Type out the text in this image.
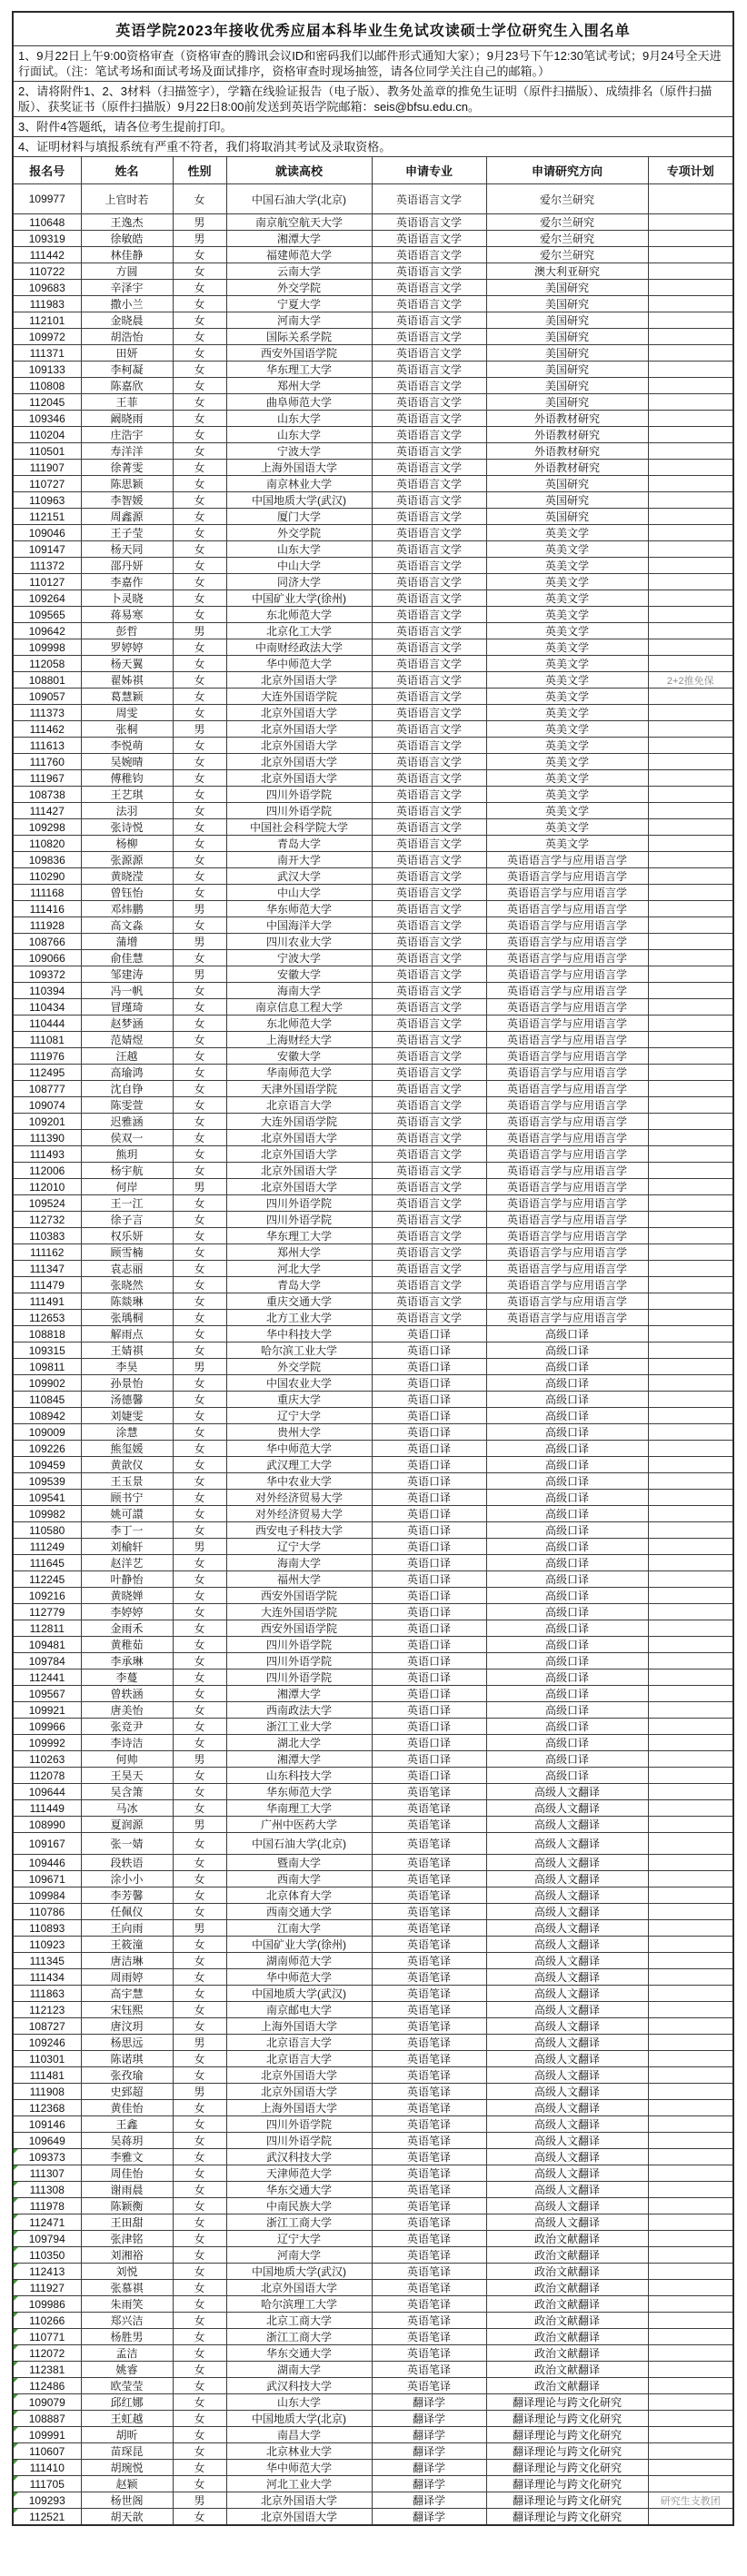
英语学院2023年接收优秀应届本科毕业生免试攻读硕士学位研究生入围名单						
1、9月22日上午9:00资格审查（资格审查的腾讯会议ID和密码我们以邮件形式通知大家）；9月23号下午12:30笔试考试；9月24号全天进行面试。（注：笔试考场和面试考场及面试排序，资格审查时现场抽签，请各位同学关注自己的邮箱。）						
2、请将附件1、2、3材料（扫描签字），学籍在线验证报告（电子版）、教务处盖章的推免生证明（原件扫描版）、成绩排名（原件扫描版）、获奖证书（原件扫描版）9月22日8:00前发送到英语学院邮箱：seis@bfsu.edu.cn。						
3、附件4答题纸，请各位考生提前打印。						
4、证明材料与填报系统有严重不符者，我们将取消其考试及录取资格。						
报名号	姓名	性别	就读高校	申请专业	申请研究方向	专项计划
109977	上官时若	女	中国石油大学(北京)	英语语言文学	爱尔兰研究	
110648	王逸杰	男	南京航空航天大学	英语语言文学	爱尔兰研究	
109319	徐敏皓	男	湘潭大学	英语语言文学	爱尔兰研究	
111442	林佳静	女	福建师范大学	英语语言文学	爱尔兰研究	
110722	方圆	女	云南大学	英语语言文学	澳大利亚研究	
109683	辛泽宇	女	外交学院	英语语言文学	美国研究	
111983	撒小兰	女	宁夏大学	英语语言文学	美国研究	
112101	金晓晨	女	河南大学	英语语言文学	美国研究	
109972	胡浩怡	女	国际关系学院	英语语言文学	美国研究	
111371	田妍	女	西安外国语学院	英语语言文学	美国研究	
109133	李柯凝	女	华东理工大学	英语语言文学	美国研究	
110808	陈嘉欣	女	郑州大学	英语语言文学	美国研究	
112045	王菲	女	曲阜师范大学	英语语言文学	美国研究	
109346	阚晓雨	女	山东大学	英语语言文学	外语教材研究	
110204	庄浩宇	女	山东大学	英语语言文学	外语教材研究	
110501	寿洋洋	女	宁波大学	英语语言文学	外语教材研究	
111907	徐菁雯	女	上海外国语大学	英语语言文学	外语教材研究	
110727	陈思颖	女	南京林业大学	英语语言文学	英国研究	
110963	李智媛	女	中国地质大学(武汉)	英语语言文学	英国研究	
112151	周鑫源	女	厦门大学	英语语言文学	英国研究	
109046	王子莹	女	外交学院	英语语言文学	英美文学	
109147	杨天同	女	山东大学	英语语言文学	英美文学	
111372	邵丹妍	女	中山大学	英语语言文学	英美文学	
110127	李嘉作	女	同济大学	英语语言文学	英美文学	
109264	卜灵晓	女	中国矿业大学(徐州)	英语语言文学	英美文学	
109565	蒋易寒	女	东北师范大学	英语语言文学	英美文学	
109642	彭哲	男	北京化工大学	英语语言文学	英美文学	
109998	罗婷婷	女	中南财经政法大学	英语语言文学	英美文学	
112058	杨天翼	女	华中师范大学	英语语言文学	英美文学	
108801	翟姊祺	女	北京外国语大学	英语语言文学	英美文学	2+2推免保
109057	葛慧颖	女	大连外国语学院	英语语言文学	英美文学	
111373	周雯	女	北京外国语大学	英语语言文学	英美文学	
111462	张桐	男	北京外国语大学	英语语言文学	英美文学	
111613	李悦萌	女	北京外国语大学	英语语言文学	英美文学	
111760	吴婉晴	女	北京外国语大学	英语语言文学	英美文学	
111967	傅稚钧	女	北京外国语大学	英语语言文学	英美文学	
108738	王艺琪	女	四川外语学院	英语语言文学	英美文学	
111427	法羽	女	四川外语学院	英语语言文学	英美文学	
109298	张诗悦	女	中国社会科学院大学	英语语言文学	英美文学	
110820	杨柳	女	青岛大学	英语语言文学	英美文学	
109836	张源源	女	南开大学	英语语言文学	英语语言学与应用语言学	
110290	黄晓滢	女	武汉大学	英语语言文学	英语语言学与应用语言学	
111168	曾钰怡	女	中山大学	英语语言文学	英语语言学与应用语言学	
111416	邓炜鹏	男	华东师范大学	英语语言文学	英语语言学与应用语言学	
111928	高文淼	女	中国海洋大学	英语语言文学	英语语言学与应用语言学	
108766	蒲增	男	四川农业大学	英语语言文学	英语语言学与应用语言学	
109066	俞佳慧	女	宁波大学	英语语言文学	英语语言学与应用语言学	
109372	邹建涛	男	安徽大学	英语语言文学	英语语言学与应用语言学	
110394	冯一帆	女	海南大学	英语语言文学	英语语言学与应用语言学	
110434	冒瑾琦	女	南京信息工程大学	英语语言文学	英语语言学与应用语言学	
110444	赵梦涵	女	东北师范大学	英语语言文学	英语语言学与应用语言学	
111081	范婧煜	女	上海财经大学	英语语言文学	英语语言学与应用语言学	
111976	汪越	女	安徽大学	英语语言文学	英语语言学与应用语言学	
112495	高瑜鸿	女	华南师范大学	英语语言文学	英语语言学与应用语言学	
108777	沈自铮	女	天津外国语学院	英语语言文学	英语语言学与应用语言学	
109074	陈雯萱	女	北京语言大学	英语语言文学	英语语言学与应用语言学	
109201	迟雅涵	女	大连外国语学院	英语语言文学	英语语言学与应用语言学	
111390	侯双一	女	北京外国语大学	英语语言文学	英语语言学与应用语言学	
111493	熊玥	女	北京外国语大学	英语语言文学	英语语言学与应用语言学	
112006	杨宇航	女	北京外国语大学	英语语言文学	英语语言学与应用语言学	
112010	何岸	男	北京外国语大学	英语语言文学	英语语言学与应用语言学	
109524	王一江	女	四川外语学院	英语语言文学	英语语言学与应用语言学	
112732	徐子言	女	四川外语学院	英语语言文学	英语语言学与应用语言学	
110383	权乐妍	女	华东理工大学	英语语言文学	英语语言学与应用语言学	
111162	顾雪楠	女	郑州大学	英语语言文学	英语语言学与应用语言学	
111347	袁志丽	女	河北大学	英语语言文学	英语语言学与应用语言学	
111479	张晓然	女	青岛大学	英语语言文学	英语语言学与应用语言学	
111491	陈燚琳	女	重庆交通大学	英语语言文学	英语语言学与应用语言学	
112653	张瑀桐	女	北方工业大学	英语语言文学	英语语言学与应用语言学	
108818	解雨点	女	华中科技大学	英语口译	高级口译	
109315	王婧祺	女	哈尔滨工业大学	英语口译	高级口译	
109811	李昊	男	外交学院	英语口译	高级口译	
109902	孙景怡	女	中国农业大学	英语口译	高级口译	
110845	汤德馨	女	重庆大学	英语口译	高级口译	
108942	刘婕雯	女	辽宁大学	英语口译	高级口译	
109009	涂慧	女	贵州大学	英语口译	高级口译	
109226	熊玺媛	女	华中师范大学	英语口译	高级口译	
109459	黄歆仪	女	武汉理工大学	英语口译	高级口译	
109539	王玉景	女	华中农业大学	英语口译	高级口译	
109541	顾书宁	女	对外经济贸易大学	英语口译	高级口译	
109982	姚可譞	女	对外经济贸易大学	英语口译	高级口译	
110580	李丁一	女	西安电子科技大学	英语口译	高级口译	
111249	刘榆轩	男	辽宁大学	英语口译	高级口译	
111645	赵洋艺	女	海南大学	英语口译	高级口译	
112245	叶静怡	女	福州大学	英语口译	高级口译	
109216	黄晓婵	女	西安外国语学院	英语口译	高级口译	
112779	李婷婷	女	大连外国语学院	英语口译	高级口译	
112811	金雨禾	女	西安外国语学院	英语口译	高级口译	
109481	黄稚茹	女	四川外语学院	英语口译	高级口译	
109784	李承琳	女	四川外语学院	英语口译	高级口译	
112441	李蔓	女	四川外语学院	英语口译	高级口译	
109567	曾轶涵	女	湘潭大学	英语口译	高级口译	
109921	唐美怡	女	西南政法大学	英语口译	高级口译	
109966	张竞尹	女	浙江工业大学	英语口译	高级口译	
109992	李诗洁	女	湖北大学	英语口译	高级口译	
110263	何帅	男	湘潭大学	英语口译	高级口译	
112078	王昊天	女	山东科技大学	英语口译	高级口译	
109644	吴含箫	女	华东师范大学	英语笔译	高级人文翻译	
111449	马冰	女	华南理工大学	英语笔译	高级人文翻译	
108990	夏润源	男	广州中医药大学	英语笔译	高级人文翻译	
109167	张一婧	女	中国石油大学(北京)	英语笔译	高级人文翻译	
109446	段轶语	女	暨南大学	英语笔译	高级人文翻译	
109671	涂小小	女	西南大学	英语笔译	高级人文翻译	
109984	李芳馨	女	北京体育大学	英语笔译	高级人文翻译	
110786	任佩仪	女	西南交通大学	英语笔译	高级人文翻译	
110893	王向雨	男	江南大学	英语笔译	高级人文翻译	
110923	王筱潼	女	中国矿业大学(徐州)	英语笔译	高级人文翻译	
111345	唐洁琳	女	湖南师范大学	英语笔译	高级人文翻译	
111434	周雨婷	女	华中师范大学	英语笔译	高级人文翻译	
111863	高宇慧	女	中国地质大学(武汉)	英语笔译	高级人文翻译	
112123	宋钰熙	女	南京邮电大学	英语笔译	高级人文翻译	
108727	唐汶玥	女	上海外国语大学	英语笔译	高级人文翻译	
109246	杨思远	男	北京语言大学	英语笔译	高级人文翻译	
110301	陈诺琪	女	北京语言大学	英语笔译	高级人文翻译	
111481	张孜瑜	女	北京外国语大学	英语笔译	高级人文翻译	
111908	史郅超	男	北京外国语大学	英语笔译	高级人文翻译	
112368	黄佳怡	女	上海外国语大学	英语笔译	高级人文翻译	
109146	王鑫	女	四川外语学院	英语笔译	高级人文翻译	
109649	吴蒋玥	女	四川外语学院	英语笔译	高级人文翻译	
109373	李雅文	女	武汉科技大学	英语笔译	高级人文翻译	
111307	周佳怡	女	天津师范大学	英语笔译	高级人文翻译	
111308	谢雨晨	女	华东交通大学	英语笔译	高级人文翻译	
111978	陈颖衡	女	中南民族大学	英语笔译	高级人文翻译	
112471	王田甜	女	浙江工商大学	英语笔译	高级人文翻译	
109794	张津铭	女	辽宁大学	英语笔译	政治文献翻译	
110350	刘湘裕	女	河南大学	英语笔译	政治文献翻译	
112413	刘悦	女	中国地质大学(武汉)	英语笔译	政治文献翻译	
111927	张慕祺	女	北京外国语大学	英语笔译	政治文献翻译	
109986	朱雨笑	女	哈尔滨理工大学	英语笔译	政治文献翻译	
110266	郑兴洁	女	北京工商大学	英语笔译	政治文献翻译	
110771	杨胜男	女	浙江工商大学	英语笔译	政治文献翻译	
112072	孟洁	女	华东交通大学	英语笔译	政治文献翻译	
112381	姚睿	女	湖南大学	英语笔译	政治文献翻译	
112486	欧莹莹	女	武汉科技大学	英语笔译	政治文献翻译	
109079	邱红娜	女	山东大学	翻译学	翻译理论与跨文化研究	
108887	王虹越	女	中国地质大学(北京)	翻译学	翻译理论与跨文化研究	
109991	胡昕	女	南昌大学	翻译学	翻译理论与跨文化研究	
110607	苗琛昆	女	北京林业大学	翻译学	翻译理论与跨文化研究	
111410	胡琬悦	女	华中师范大学	翻译学	翻译理论与跨文化研究	
111705	赵颖	女	河北工业大学	翻译学	翻译理论与跨文化研究	
109293	杨世阁	男	北京外国语大学	翻译学	翻译理论与跨文化研究	研究生支教团
112521	胡天歆	女	北京外国语大学	翻译学	翻译理论与跨文化研究	
